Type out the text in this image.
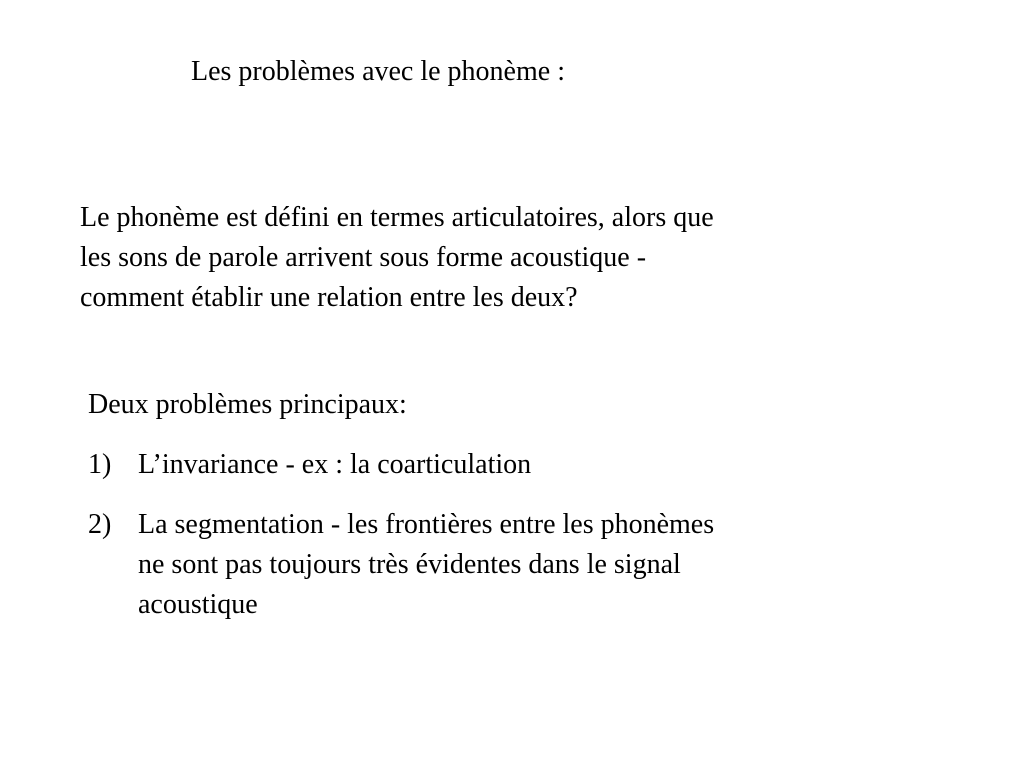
Les problèmes avec le phonème :
Le phonème est défini en termes articulatoires, alors que
les sons de parole arrivent sous forme acoustique -
comment établir une relation entre les deux?
Deux problèmes principaux:
1) L’invariance - ex : la coarticulation
2) La segmentation - les frontières entre les phonèmes
ne sont pas toujours très évidentes dans le signal
acoustique
